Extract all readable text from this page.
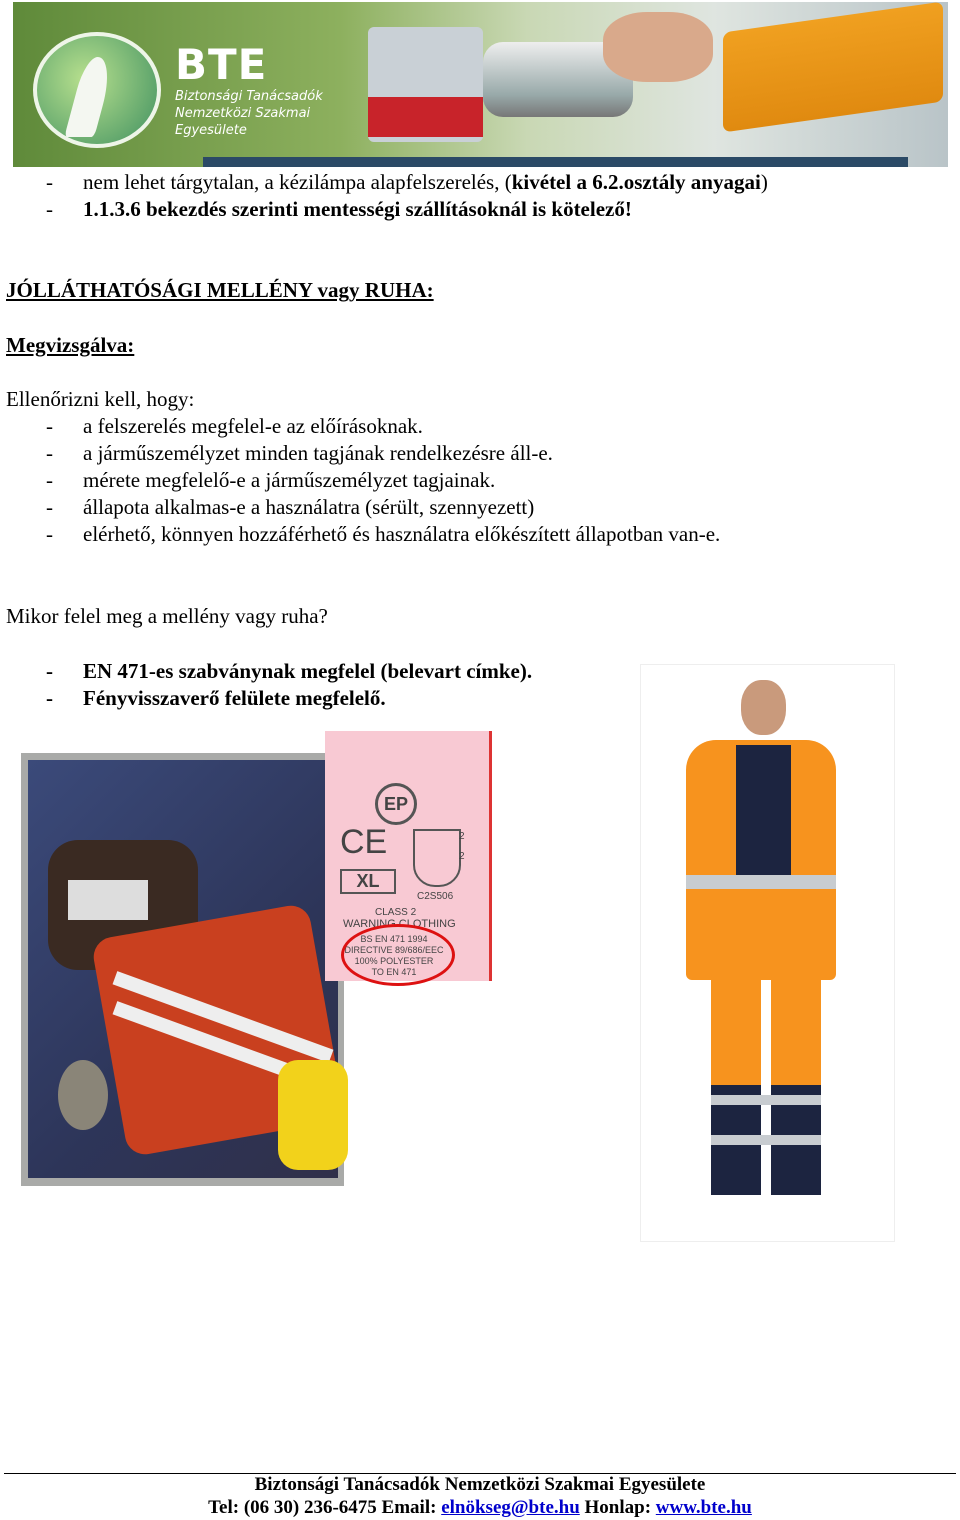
BTE
Biztonsági Tanácsadók
Nemzetközi Szakmai
Egyesülete
- nem lehet tárgytalan, a kézilámpa alapfelszerelés, (kivétel a 6.2.osztály anyagai)
- 1.1.3.6 bekezdés szerinti mentességi szállításoknál is kötelező!
JÓLLÁTHATÓSÁGI MELLÉNY vagy RUHA:
Megvizsgálva:
Ellenőrizni kell, hogy:
- a felszerelés megfelel-e az előírásoknak.
- a járműszemélyzet minden tagjának rendelkezésre áll-e.
- mérete megfelelő-e a járműszemélyzet tagjainak.
- állapota alkalmas-e a használatra (sérült, szennyezett)
- elérhető, könnyen hozzáférhető és használatra előkészített állapotban van-e.
Mikor felel meg a mellény vagy ruha?
- EN 471-es szabványnak megfelel (belevart címke).
- Fényvisszaverő felülete megfelelő.
EP
CE	2
2
XL
C2S506
CLASS 2
WARNING CLOTHING
BS EN 471 1994
DIRECTIVE 89/686/EEC
100% POLYESTER
TO EN 471
Biztonsági Tanácsadók Nemzetközi Szakmai Egyesülete
Tel: (06 30) 236-6475 Email: elnökseg@bte.hu Honlap: www.bte.hu
